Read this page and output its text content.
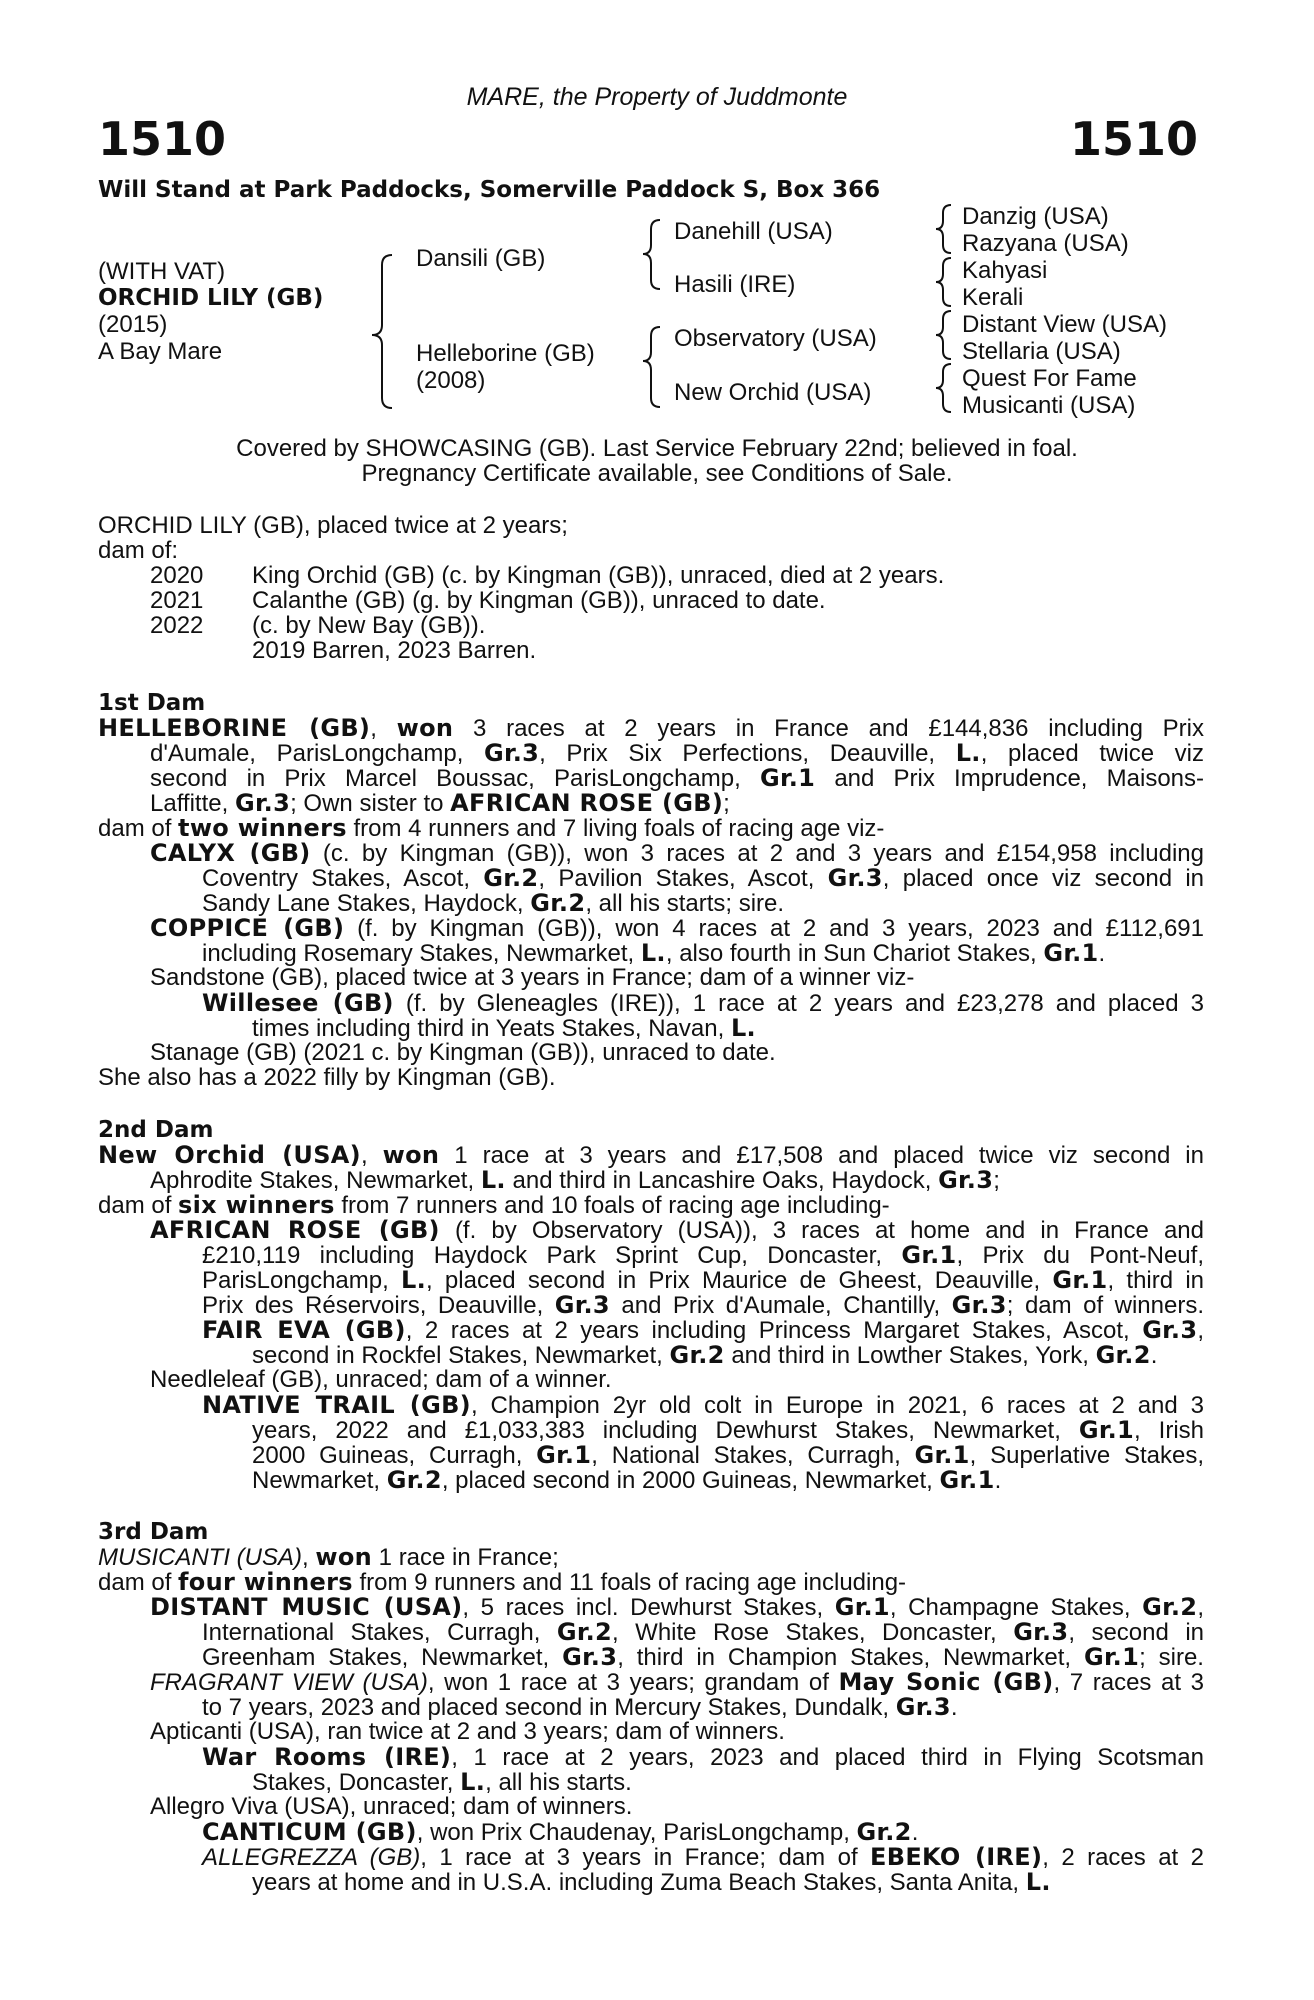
MARE, the Property of Juddmonte
1510	1510
Will Stand at Park Paddocks, Somerville Paddock S, Box 366
(WITH VAT)
ORCHID LILY (GB)
(2015)
A Bay Mare
Dansili (GB)
Helleborine (GB)
(2008)
Danehill (USA)
Hasili (IRE)
Observatory (USA)
New Orchid (USA)
Danzig (USA)
Razyana (USA)
Kahyasi
Kerali
Distant View (USA)
Stellaria (USA)
Quest For Fame
Musicanti (USA)
Covered by SHOWCASING (GB). Last Service February 22nd; believed in foal.
Pregnancy Certificate available, see Conditions of Sale.
ORCHID LILY (GB), placed twice at 2 years;
dam of:
2020 King Orchid (GB) (c. by Kingman (GB)), unraced, died at 2 years.
2021 Calanthe (GB) (g. by Kingman (GB)), unraced to date.
2022 (c. by New Bay (GB)).
2019 Barren, 2023 Barren.
1st Dam
HELLEBORINE (GB), won 3 races at 2 years in France and £144,836 including Prix
d'Aumale, ParisLongchamp, Gr.3, Prix Six Perfections, Deauville, L., placed twice viz
second in Prix Marcel Boussac, ParisLongchamp, Gr.1 and Prix Imprudence, Maisons-
Laffitte, Gr.3; Own sister to AFRICAN ROSE (GB);
dam of two winners from 4 runners and 7 living foals of racing age viz-
CALYX (GB) (c. by Kingman (GB)), won 3 races at 2 and 3 years and £154,958 including
Coventry Stakes, Ascot, Gr.2, Pavilion Stakes, Ascot, Gr.3, placed once viz second in
Sandy Lane Stakes, Haydock, Gr.2, all his starts; sire.
COPPICE (GB) (f. by Kingman (GB)), won 4 races at 2 and 3 years, 2023 and £112,691
including Rosemary Stakes, Newmarket, L., also fourth in Sun Chariot Stakes, Gr.1.
Sandstone (GB), placed twice at 3 years in France; dam of a winner viz-
Willesee (GB) (f. by Gleneagles (IRE)), 1 race at 2 years and £23,278 and placed 3
times including third in Yeats Stakes, Navan, L.
Stanage (GB) (2021 c. by Kingman (GB)), unraced to date.
She also has a 2022 filly by Kingman (GB).
2nd Dam
New Orchid (USA), won 1 race at 3 years and £17,508 and placed twice viz second in
Aphrodite Stakes, Newmarket, L. and third in Lancashire Oaks, Haydock, Gr.3;
dam of six winners from 7 runners and 10 foals of racing age including-
AFRICAN ROSE (GB) (f. by Observatory (USA)), 3 races at home and in France and
£210,119 including Haydock Park Sprint Cup, Doncaster, Gr.1, Prix du Pont-Neuf,
ParisLongchamp, L., placed second in Prix Maurice de Gheest, Deauville, Gr.1, third in
Prix des Réservoirs, Deauville, Gr.3 and Prix d'Aumale, Chantilly, Gr.3; dam of winners.
FAIR EVA (GB), 2 races at 2 years including Princess Margaret Stakes, Ascot, Gr.3,
second in Rockfel Stakes, Newmarket, Gr.2 and third in Lowther Stakes, York, Gr.2.
Needleleaf (GB), unraced; dam of a winner.
NATIVE TRAIL (GB), Champion 2yr old colt in Europe in 2021, 6 races at 2 and 3
years, 2022 and £1,033,383 including Dewhurst Stakes, Newmarket, Gr.1, Irish
2000 Guineas, Curragh, Gr.1, National Stakes, Curragh, Gr.1, Superlative Stakes,
Newmarket, Gr.2, placed second in 2000 Guineas, Newmarket, Gr.1.
3rd Dam
MUSICANTI (USA), won 1 race in France;
dam of four winners from 9 runners and 11 foals of racing age including-
DISTANT MUSIC (USA), 5 races incl. Dewhurst Stakes, Gr.1, Champagne Stakes, Gr.2,
International Stakes, Curragh, Gr.2, White Rose Stakes, Doncaster, Gr.3, second in
Greenham Stakes, Newmarket, Gr.3, third in Champion Stakes, Newmarket, Gr.1; sire.
FRAGRANT VIEW (USA), won 1 race at 3 years; grandam of May Sonic (GB), 7 races at 3
to 7 years, 2023 and placed second in Mercury Stakes, Dundalk, Gr.3.
Apticanti (USA), ran twice at 2 and 3 years; dam of winners.
War Rooms (IRE), 1 race at 2 years, 2023 and placed third in Flying Scotsman
Stakes, Doncaster, L., all his starts.
Allegro Viva (USA), unraced; dam of winners.
CANTICUM (GB), won Prix Chaudenay, ParisLongchamp, Gr.2.
ALLEGREZZA (GB), 1 race at 3 years in France; dam of EBEKO (IRE), 2 races at 2
years at home and in U.S.A. including Zuma Beach Stakes, Santa Anita, L.
